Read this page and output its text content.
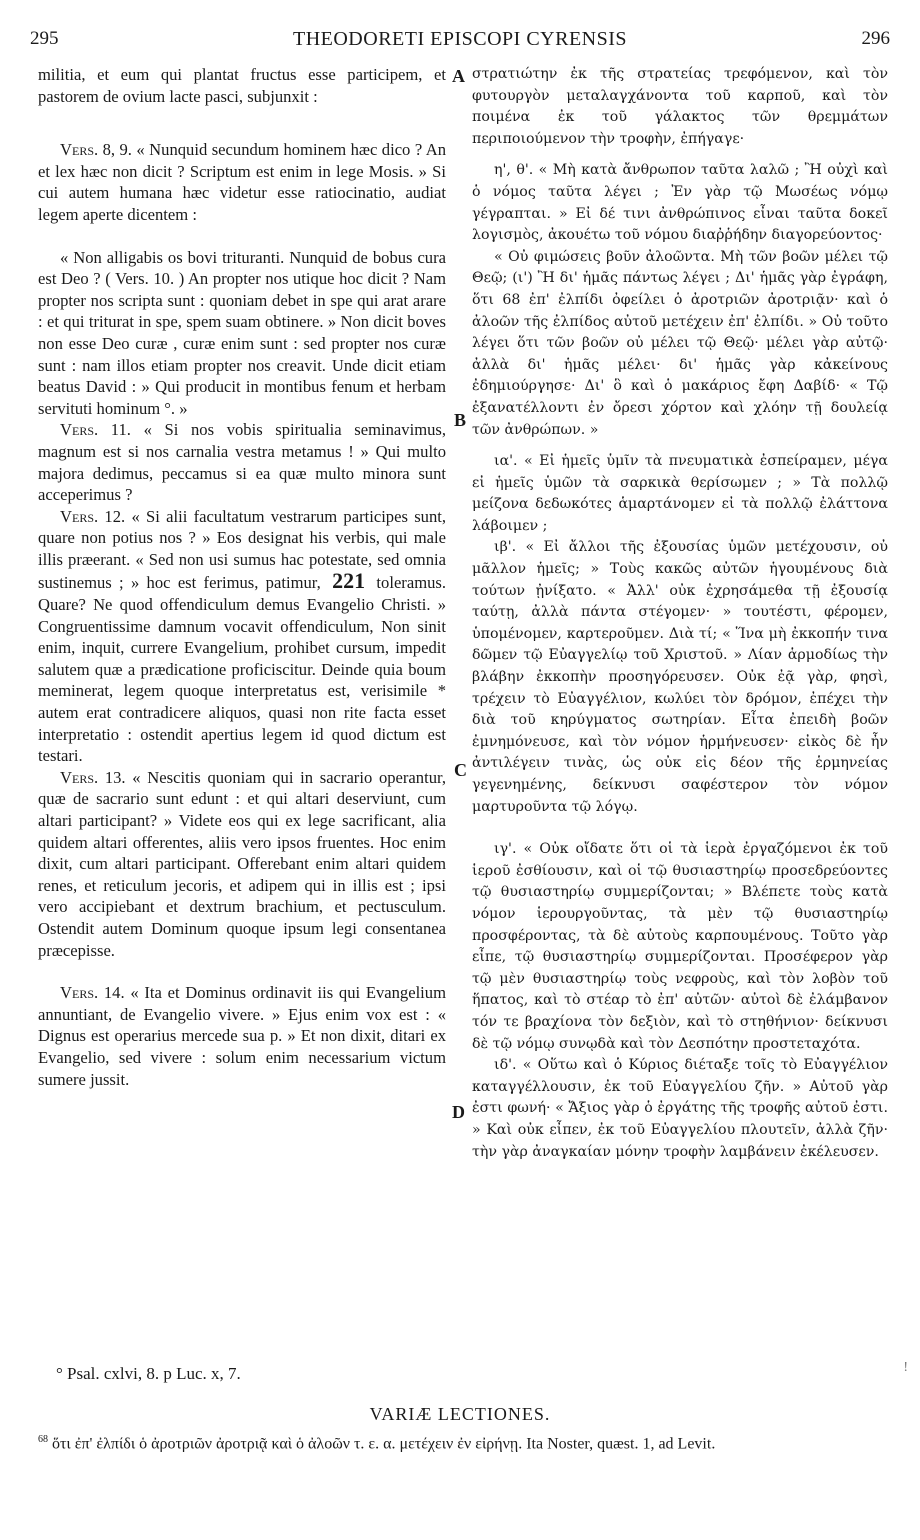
295	THEODORETI EPISCOPI CYRENSIS	296

militia, et eum qui plantat fructus esse participem, et pastorem de ovium lacte pasci, subjunxit :

Vers. 8, 9. « Nunquid secundum hominem hæc dico ? An et lex hæc non dicit ? Scriptum est enim in lege Mosis. » Si cui autem humana hæc videtur esse ratiocinatio, audiat legem aperte dicentem :

« Non alligabis os bovi trituranti. Nunquid de bobus cura est Deo ? ( Vers. 10. ) An propter nos utique hoc dicit ? Nam propter nos scripta sunt : quoniam debet in spe qui arat arare : et qui triturat in spe, spem suam obtinere. » Non dicit boves non esse Deo curæ , curæ enim sunt : sed propter nos curæ sunt : nam illos etiam propter nos creavit. Unde dicit etiam beatus David : » Qui producit in montibus fenum et herbam servituti hominum °. »

Vers. 11. « Si nos vobis spiritualia seminavimus, magnum est si nos carnalia vestra metamus ! » Qui multo majora dedimus, peccamus si ea quæ multo minora sunt acceperimus ?

Vers. 12. « Si alii facultatum vestrarum participes sunt, quare non potius nos ? » Eos designat his verbis, qui male illis præerant. « Sed non usi sumus hac potestate, sed omnia sustinemus ; » hoc est ferimus, patimur, 221 toleramus. Quare? Ne quod offendiculum demus Evangelio Christi. » Congruentissime damnum vocavit offendiculum, Non sinit enim, inquit, currere Evangelium, prohibet cursum, impedit salutem quæ a prædicatione proficiscitur. Deinde quia boum meminerat, legem quoque interpretatus est, verisimile * autem erat contradicere aliquos, quasi non rite facta esset interpretatio : ostendit apertius legem id quod dictum est testari.

Vers. 13. « Nescitis quoniam qui in sacrario operantur, quæ de sacrario sunt edunt : et qui altari deserviunt, cum altari participant? » Videte eos qui ex lege sacrificant, alia quidem altari offerentes, aliis vero ipsos fruentes. Hoc enim dixit, cum altari participant. Offerebant enim altari quidem renes, et reticulum jecoris, et adipem qui in illis est ; ipsi vero accipiebant et dextrum brachium, et pectusculum. Ostendit autem Dominum quoque ipsum legi consentanea præcepisse.

Vers. 14. « Ita et Dominus ordinavit iis qui Evangelium annuntiant, de Evangelio vivere. » Ejus enim vox est : « Dignus est operarius mercede sua p. » Et non dixit, ditari ex Evangelio, sed vivere : solum enim necessarium victum sumere jussit.

στρατιώτην ἐκ τῆς στρατείας τρεφόμενον, καὶ τὸν φυτουργὸν μεταλαγχάνοντα τοῦ καρποῦ, καὶ τὸν ποιμένα ἐκ τοῦ γάλακτος τῶν θρεμμάτων περιποιούμενον τὴν τροφὴν, ἐπήγαγε·

η', θ'. « Μὴ κατὰ ἄνθρωπον ταῦτα λαλῶ ; Ἢ οὐχὶ καὶ ὁ νόμος ταῦτα λέγει ; Ἐν γὰρ τῷ Μωσέως νόμῳ γέγραπται. » Εἰ δέ τινι ἀνθρώπινος εἶναι ταῦτα δοκεῖ λογισμὸς, ἀκουέτω τοῦ νόμου διαῤῥήδην διαγορεύοντος·

« Οὐ φιμώσεις βοῦν ἀλοῶντα. Μὴ τῶν βοῶν μέλει τῷ Θεῷ; (ι') Ἢ δι' ἡμᾶς πάντως λέγει ; Δι' ἡμᾶς γὰρ ἐγράφη, ὅτι 68 ἐπ' ἐλπίδι ὀφείλει ὁ ἀροτριῶν ἀροτριᾷν· καὶ ὁ ἀλοῶν τῆς ἐλπίδος αὐτοῦ μετέχειν ἐπ' ἐλπίδι. » Οὐ τοῦτο λέγει ὅτι τῶν βοῶν οὐ μέλει τῷ Θεῷ· μέλει γὰρ αὐτῷ· ἀλλὰ δι' ἡμᾶς μέλει· δι' ἡμᾶς γὰρ κἀκείνους ἐδημιούργησε· Δι' ὃ καὶ ὁ μακάριος ἔφη Δαβίδ· « Τῷ ἐξανατέλλοντι ἐν ὄρεσι χόρτον καὶ χλόην τῇ δουλείᾳ τῶν ἀνθρώπων. »

ια'. « Εἰ ἡμεῖς ὑμῖν τὰ πνευματικὰ ἐσπείραμεν, μέγα εἰ ἡμεῖς ὑμῶν τὰ σαρκικὰ θερίσωμεν ; » Τὰ πολλῷ μείζονα δεδωκότες ἁμαρτάνομεν εἰ τὰ πολλῷ ἐλάττονα λάβοιμεν ;

ιβ'. « Εἰ ἄλλοι τῆς ἐξουσίας ὑμῶν μετέχουσιν, οὐ μᾶλλον ἡμεῖς; » Τοὺς κακῶς αὐτῶν ἡγουμένους διὰ τούτων ᾐνίξατο. « Ἀλλ' οὐκ ἐχρησάμεθα τῇ ἐξουσίᾳ ταύτῃ, ἀλλὰ πάντα στέγομεν· » τουτέστι, φέρομεν, ὑπομένομεν, καρτεροῦμεν. Διὰ τί; « Ἵνα μὴ ἐκκοπήν τινα δῶμεν τῷ Εὐαγγελίῳ τοῦ Χριστοῦ. » Λίαν ἁρμοδίως τὴν βλάβην ἐκκοπὴν προσηγόρευσεν. Οὐκ ἐᾷ γὰρ, φησὶ, τρέχειν τὸ Εὐαγγέλιον, κωλύει τὸν δρόμον, ἐπέχει τὴν διὰ τοῦ κηρύγματος σωτηρίαν. Εἶτα ἐπειδὴ βοῶν ἐμνημόνευσε, καὶ τὸν νόμον ἡρμήνευσεν· εἰκὸς δὲ ἦν ἀντιλέγειν τινὰς, ὡς οὐκ εἰς δέον τῆς ἑρμηνείας γεγενημένης, δείκνυσι σαφέστερον τὸν νόμον μαρτυροῦντα τῷ λόγῳ.

ιγ'. « Οὐκ οἴδατε ὅτι οἱ τὰ ἱερὰ ἐργαζόμενοι ἐκ τοῦ ἱεροῦ ἐσθίουσιν, καὶ οἱ τῷ θυσιαστηρίῳ προσεδρεύοντες τῷ θυσιαστηρίῳ συμμερίζονται; » Βλέπετε τοὺς κατὰ νόμον ἱερουργοῦντας, τὰ μὲν τῷ θυσιαστηρίῳ προσφέροντας, τὰ δὲ αὐτοὺς καρπουμένους. Τοῦτο γὰρ εἶπε, τῷ θυσιαστηρίῳ συμμερίζονται. Προσέφερον γὰρ τῷ μὲν θυσιαστηρίῳ τοὺς νεφροὺς, καὶ τὸν λοβὸν τοῦ ἥπατος, καὶ τὸ στέαρ τὸ ἐπ' αὐτῶν· αὐτοὶ δὲ ἐλάμβανον τόν τε βραχίονα τὸν δεξιὸν, καὶ τὸ στηθήνιον· δείκνυσι δὲ τῷ νόμῳ συνῳδὰ καὶ τὸν Δεσπότην προστεταχότα.

ιδ'. « Οὕτω καὶ ὁ Κύριος διέταξε τοῖς τὸ Εὐαγγέλιον καταγγέλλουσιν, ἐκ τοῦ Εὐαγγελίου ζῆν. » Αὐτοῦ γὰρ ἐστι φωνή· « Ἄξιος γὰρ ὁ ἐργάτης τῆς τροφῆς αὐτοῦ ἐστι. » Καὶ οὐκ εἶπεν, ἐκ τοῦ Εὐαγγελίου πλουτεῖν, ἀλλὰ ζῆν· τὴν γὰρ ἀναγκαίαν μόνην τροφὴν λαμβάνειν ἐκέλευσεν.

A
B
C
D
° Psal. cxlvi, 8. p Luc. x, 7.
VARIÆ LECTIONES.
$^{68}$ ὅτι ἐπ' ἐλπίδι ὁ ἀροτριῶν ἀροτριᾷ καὶ ὁ ἀλοῶν τ. ε. α. μετέχειν ἐν εἰρήνῃ. Ita Noster, quæst. 1, ad Levit.
!
